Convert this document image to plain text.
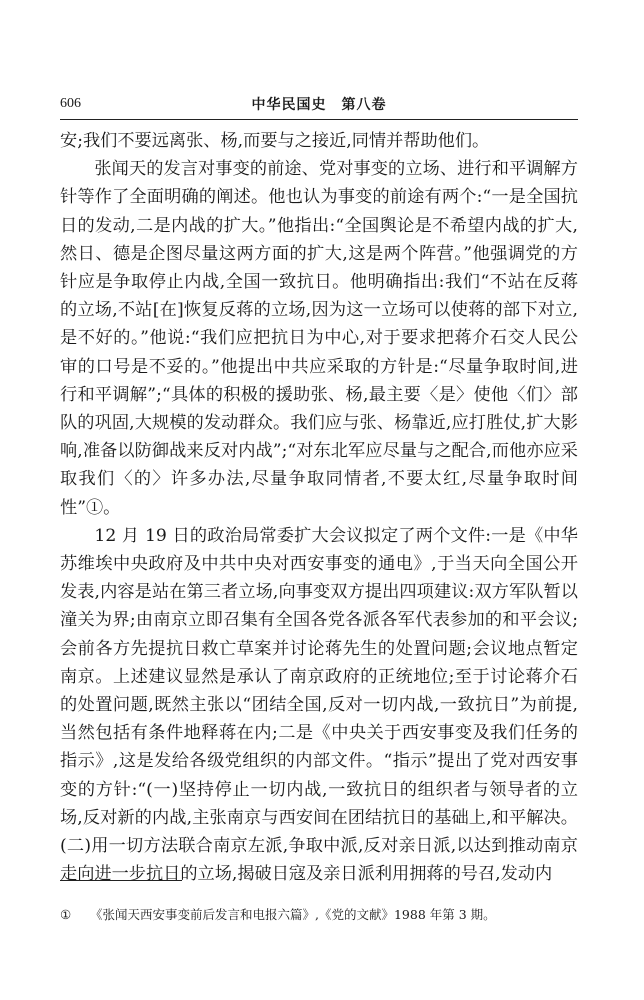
606	中华民国史　第八卷

安;我们不要远离张、杨,而要与之接近,同情并帮助他们。

张闻天的发言对事变的前途、党对事变的立场、进行和平调解方针等作了全面明确的阐述。他也认为事变的前途有两个:“一是全国抗日的发动,二是内战的扩大。”他指出:“全国舆论是不希望内战的扩大,然日、德是企图尽量这两方面的扩大,这是两个阵营。”他强调党的方针应是争取停止内战,全国一致抗日。他明确指出:我们“不站在反蒋的立场,不站[在]恢复反蒋的立场,因为这一立场可以使蒋的部下对立,是不好的。”他说:“我们应把抗日为中心,对于要求把蒋介石交人民公审的口号是不妥的。”他提出中共应采取的方针是:“尽量争取时间,进行和平调解”;“具体的积极的援助张、杨,最主要〈是〉使他〈们〉部队的巩固,大规模的发动群众。我们应与张、杨靠近,应打胜仗,扩大影响,准备以防御战来反对内战”;“对东北军应尽量与之配合,而他亦应采取我们〈的〉许多办法,尽量争取同情者,不要太红,尽量争取时间性”①。

12 月 19 日的政治局常委扩大会议拟定了两个文件:一是《中华苏维埃中央政府及中共中央对西安事变的通电》,于当天向全国公开发表,内容是站在第三者立场,向事变双方提出四项建议:双方军队暂以潼关为界;由南京立即召集有全国各党各派各军代表参加的和平会议;会前各方先提抗日救亡草案并讨论蒋先生的处置问题;会议地点暂定南京。上述建议显然是承认了南京政府的正统地位;至于讨论蒋介石的处置问题,既然主张以“团结全国,反对一切内战,一致抗日”为前提,当然包括有条件地释蒋在内;二是《中央关于西安事变及我们任务的指示》,这是发给各级党组织的内部文件。“指示”提出了党对西安事变的方针:“(一)坚持停止一切内战,一致抗日的组织者与领导者的立场,反对新的内战,主张南京与西安间在团结抗日的基础上,和平解决。(二)用一切方法联合南京左派,争取中派,反对亲日派,以达到推动南京走向进一步抗日的立场,揭破日寇及亲日派利用拥蒋的号召,发动内

① 《张闻天西安事变前后发言和电报六篇》,《党的文献》1988 年第 3 期。
